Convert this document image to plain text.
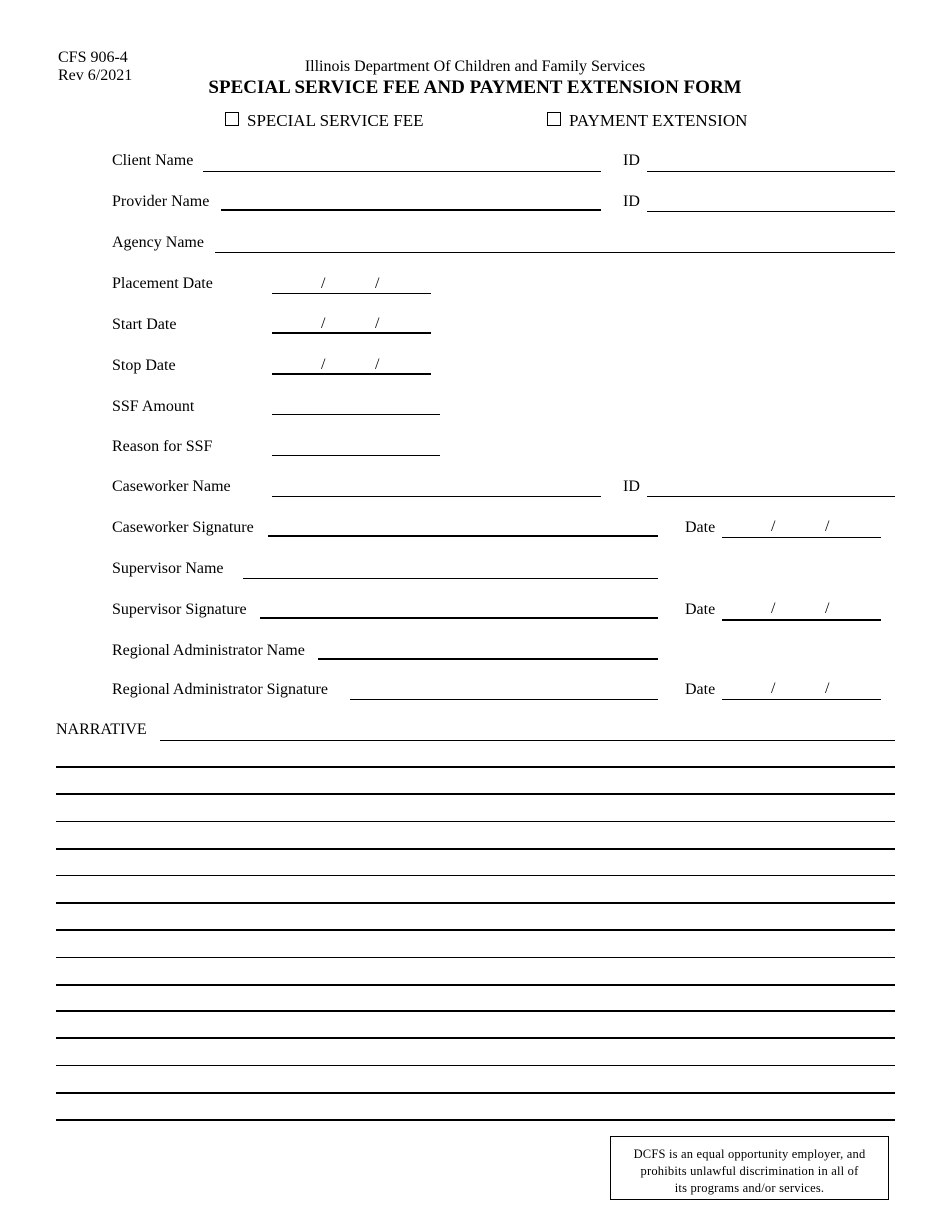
CFS 906-4
Rev 6/2021
Illinois Department Of Children and Family Services
SPECIAL SERVICE FEE AND PAYMENT EXTENSION FORM
SPECIAL SERVICE FEE	PAYMENT EXTENSION
Client Name	ID
Provider Name	ID
Agency Name
Placement Date	/	/
Start Date	/	/
Stop Date	/	/
SSF Amount
Reason for SSF
Caseworker Name	ID
Caseworker Signature	Date	/	/
Supervisor Name
Supervisor Signature	Date	/	/
Regional Administrator Name
Regional Administrator Signature	Date	/	/
NARRATIVE
DCFS is an equal opportunity employer, and
prohibits unlawful discrimination in all of
its programs and/or services.
